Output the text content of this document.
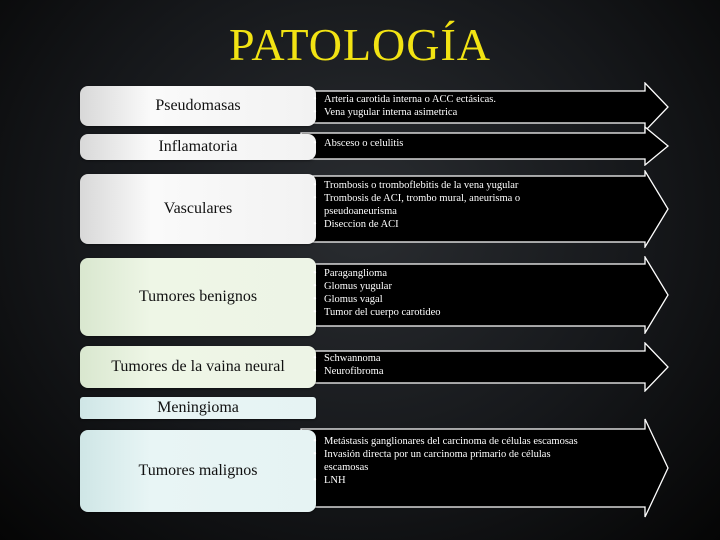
PATOLOGÍA
Pseudomasas
Inflamatoria
Vasculares
Tumores benignos
Tumores de la vaina neural
Meningioma
Tumores malignos
• Arteria carotida interna o ACC ectásicas.
• Vena yugular interna asimetrica
• Absceso o celulitis
• Trombosis o tromboflebitis de la vena yugular
• Trombosis de ACI, trombo mural, aneurisma o pseudoaneurisma
• Diseccion de ACI
• Paraganglioma
• Glomus yugular
• Glomus vagal
• Tumor del cuerpo carotideo
• Schwannoma
• Neurofibroma
• Metástasis ganglionares del carcinoma de células escamosas
• Invasión directa por un carcinoma primario de células escamosas
• LNH
